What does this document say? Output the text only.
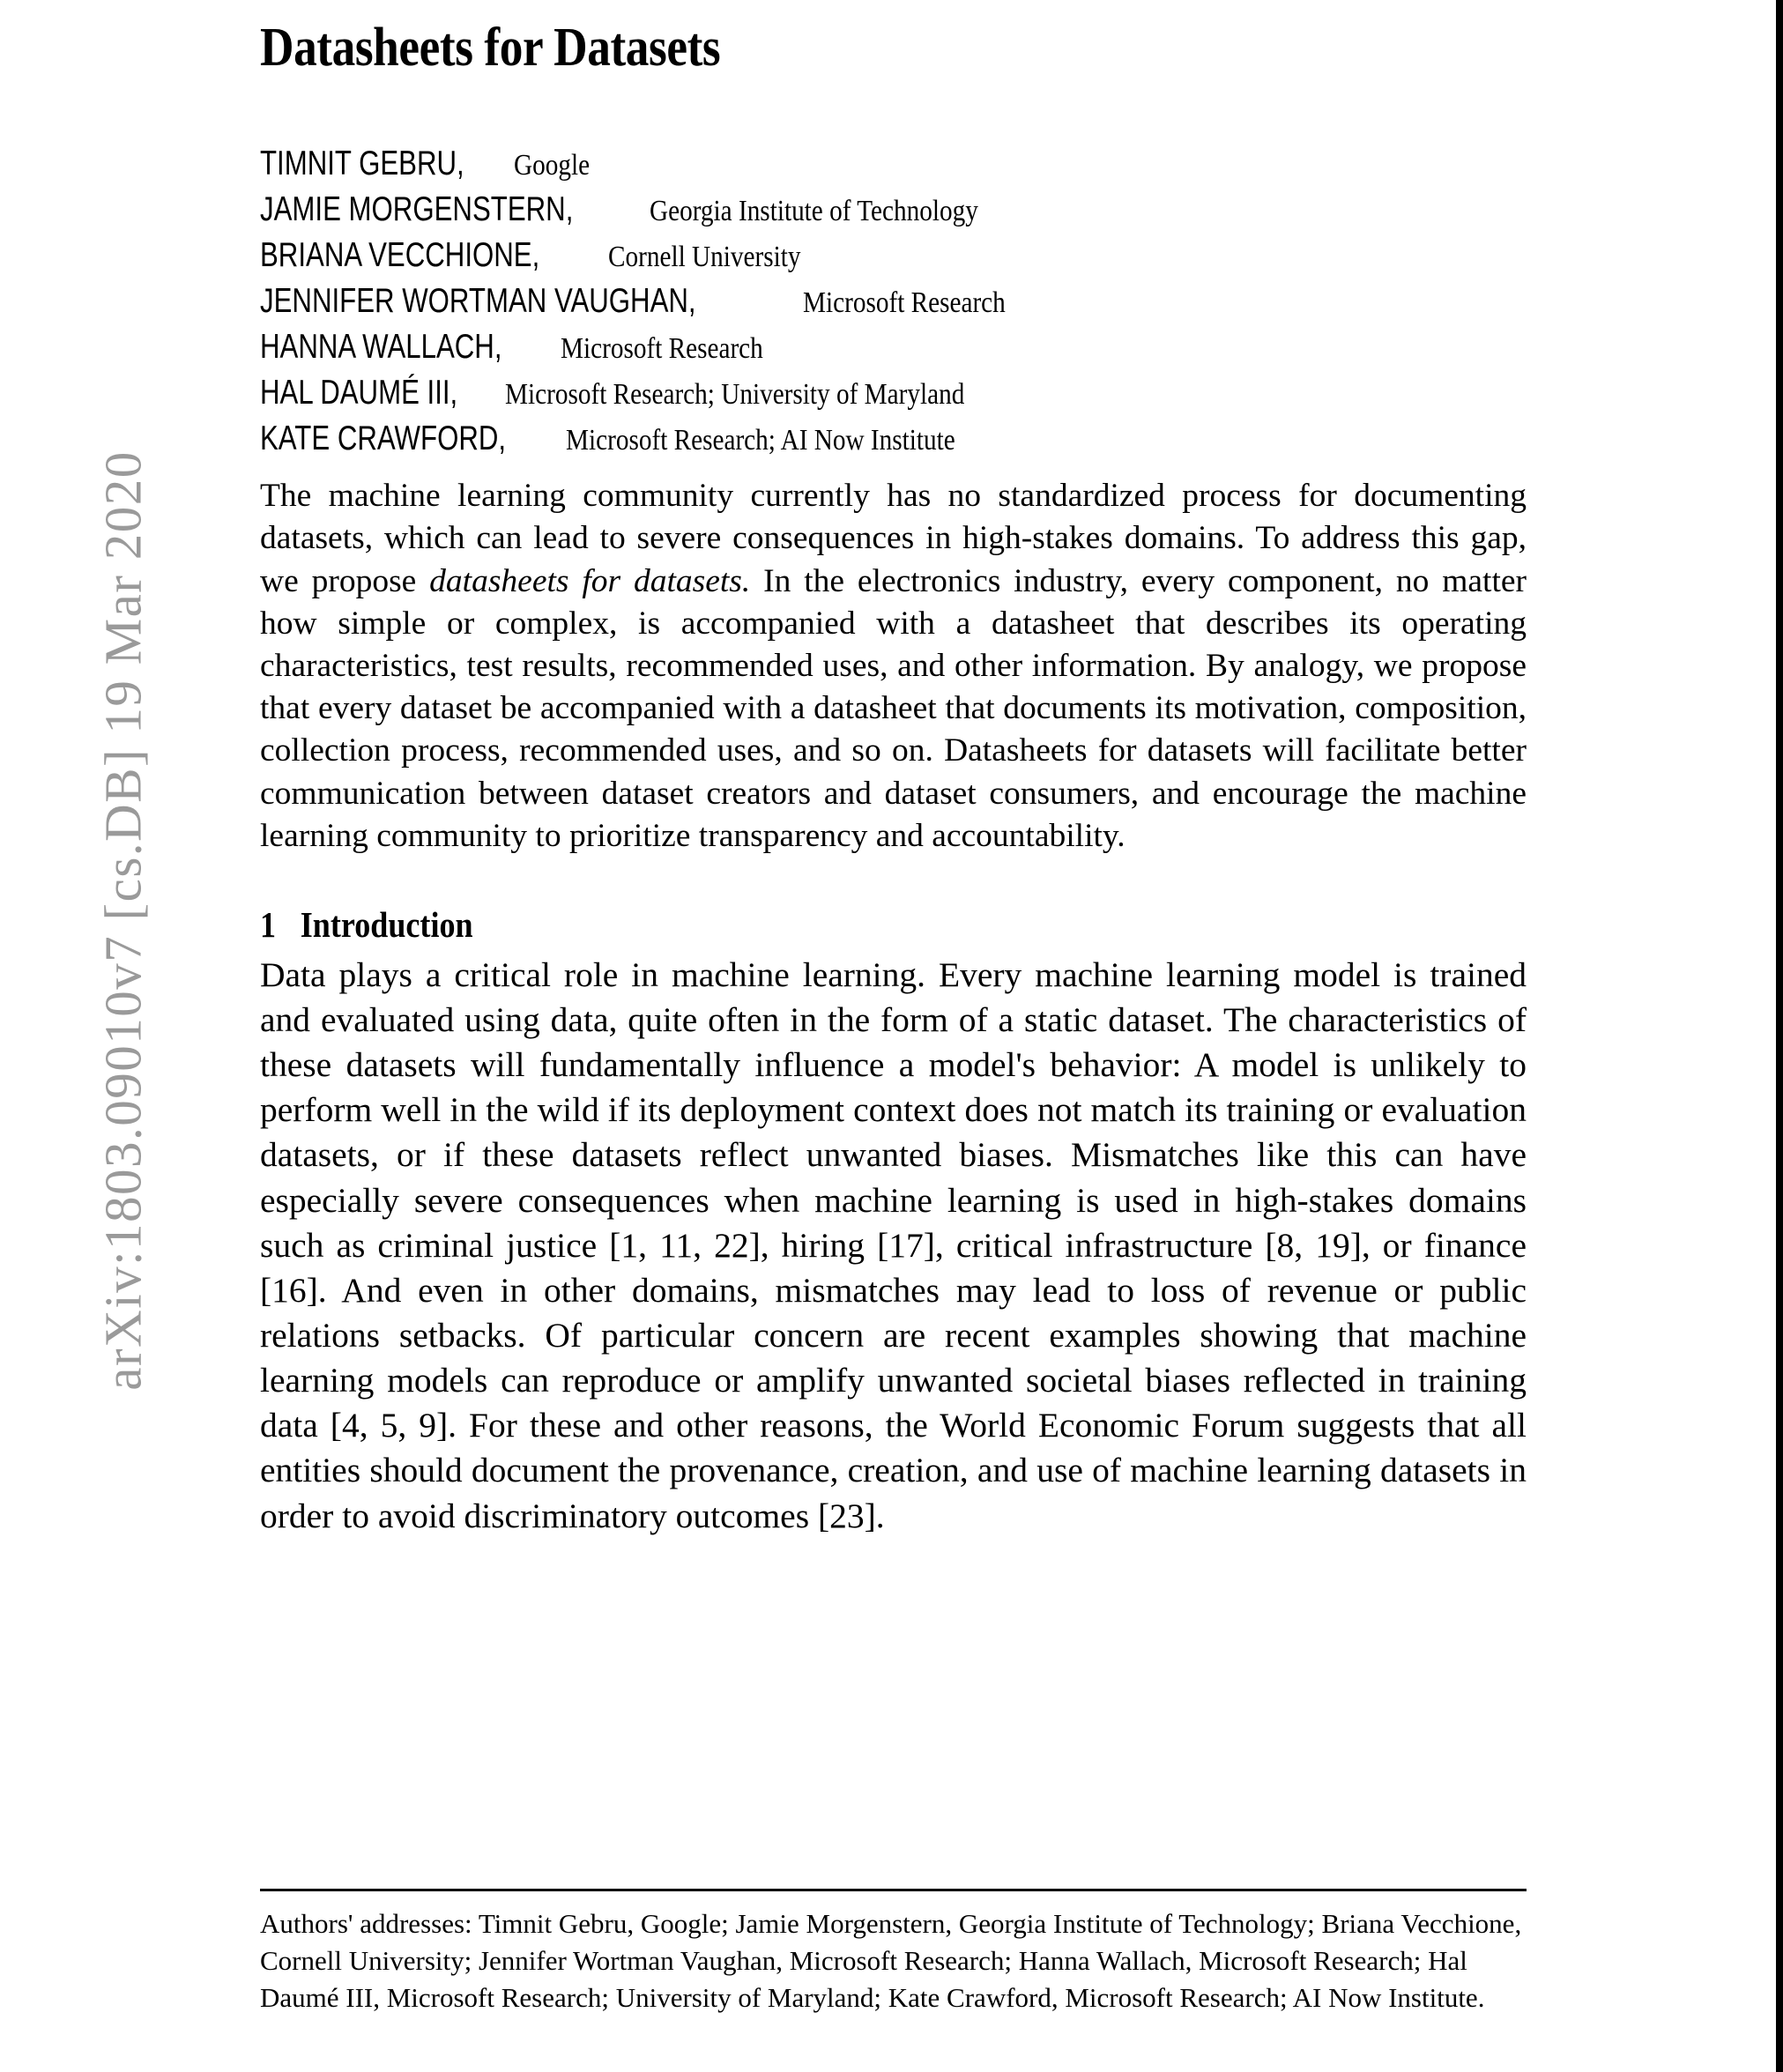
arXiv:1803.09010v7 [cs.DB] 19 Mar 2020
Datasheets for Datasets
TIMNIT GEBRU, Google
JAMIE MORGENSTERN,	Georgia Institute of Technology
BRIANA VECCHIONE, Cornell University
JENNIFER WORTMAN VAUGHAN,	Microsoft Research
HANNA WALLACH, Microsoft Research
HAL DAUMÉ III, Microsoft Research; University of Maryland
KATE CRAWFORD, Microsoft Research; AI Now Institute

The machine learning community currently has no standardized process for documenting datasets, which can lead to severe consequences in high-stakes domains. To address this gap, we propose datasheets for datasets. In the electronics industry, every component, no matter how simple or complex, is accompanied with a datasheet that describes its operating characteristics, test results, recommended uses, and other information. By analogy, we propose that every dataset be accompanied with a datasheet that documents its motivation, composition, collection process, recommended uses, and so on. Datasheets for datasets will facilitate better communication between dataset creators and dataset consumers, and encourage the machine learning community to prioritize transparency and accountability.

1 Introduction

Data plays a critical role in machine learning. Every machine learning model is trained and evaluated using data, quite often in the form of a static dataset. The characteristics of these datasets will fundamentally influence a model's behavior: A model is unlikely to perform well in the wild if its deployment context does not match its training or evaluation datasets, or if these datasets reflect unwanted biases. Mismatches like this can have especially severe consequences when machine learning is used in high-stakes domains such as criminal justice [1, 11, 22], hiring [17], critical infrastructure [8, 19], or finance [16]. And even in other domains, mismatches may lead to loss of revenue or public relations setbacks. Of particular concern are recent examples showing that machine learning models can reproduce or amplify unwanted societal biases reflected in training data [4, 5, 9]. For these and other reasons, the World Economic Forum suggests that all entities should document the provenance, creation, and use of machine learning datasets in order to avoid discriminatory outcomes [23].

Authors' addresses: Timnit Gebru, Google; Jamie Morgenstern, Georgia Institute of Technology; Briana Vecchione, Cornell University; Jennifer Wortman Vaughan, Microsoft Research; Hanna Wallach, Microsoft Research; Hal Daumé III, Microsoft Research; University of Maryland; Kate Crawford, Microsoft Research; AI Now Institute.
